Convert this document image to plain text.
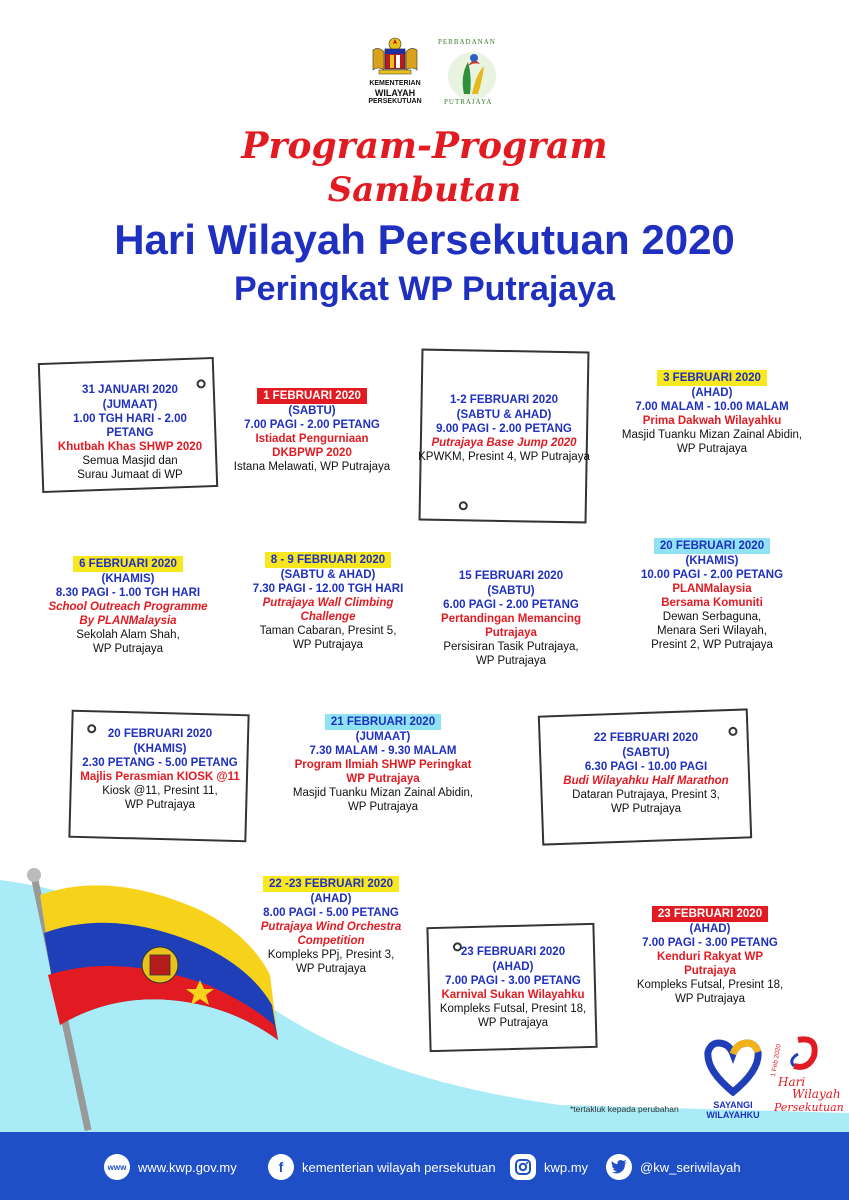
KEMENTERIAN
WILAYAH
PERSEKUTUAN
PERBADANAN
PUTRAJAYA
Program-Program
Sambutan
Hari Wilayah Persekutuan 2020
Peringkat WP Putrajaya
31 JANUARI 2020
(JUMAAT)
1.00 TGH HARI - 2.00 PETANG
Khutbah Khas SHWP 2020
Semua Masjid dan
Surau Jumaat di WP
1 FEBRUARI 2020
(SABTU)
7.00 PAGI - 2.00 PETANG
Istiadat Pengurniaan DKBPWP 2020
Istana Melawati, WP Putrajaya
1-2 FEBRUARI 2020
(SABTU & AHAD)
9.00 PAGI - 2.00 PETANG
Putrajaya Base Jump 2020
KPWKM, Presint 4, WP Putrajaya
3 FEBRUARI 2020
(AHAD)
7.00 MALAM - 10.00 MALAM
Prima Dakwah Wilayahku
Masjid Tuanku Mizan Zainal Abidin,
WP Putrajaya
6 FEBRUARI 2020
(KHAMIS)
8.30 PAGI - 1.00 TGH HARI
School Outreach Programme By PLANMalaysia
Sekolah Alam Shah,
WP Putrajaya
8 - 9 FEBRUARI 2020
(SABTU & AHAD)
7.30 PAGI - 12.00 TGH HARI
Putrajaya Wall Climbing Challenge
Taman Cabaran, Presint 5,
WP Putrajaya
15 FEBRUARI 2020
(SABTU)
6.00 PAGI - 2.00 PETANG
Pertandingan Memancing Putrajaya
Persisiran Tasik Putrajaya,
WP Putrajaya
20 FEBRUARI 2020
(KHAMIS)
10.00 PAGI - 2.00 PETANG
PLANMalaysia Bersama Komuniti
Dewan Serbaguna,
Menara Seri Wilayah,
Presint 2, WP Putrajaya
20 FEBRUARI 2020
(KHAMIS)
2.30 PETANG - 5.00 PETANG
Majlis Perasmian KIOSK @11
Kiosk @11, Presint 11,
WP Putrajaya
21 FEBRUARI 2020
(JUMAAT)
7.30 MALAM - 9.30 MALAM
Program Ilmiah SHWP Peringkat WP Putrajaya
Masjid Tuanku Mizan Zainal Abidin,
WP Putrajaya
22 FEBRUARI 2020
(SABTU)
6.30 PAGI - 10.00 PAGI
Budi Wilayahku Half Marathon
Dataran Putrajaya, Presint 3,
WP Putrajaya
22 -23 FEBRUARI 2020
(AHAD)
8.00 PAGI - 5.00 PETANG
Putrajaya Wind Orchestra Competition
Kompleks PPj, Presint 3,
WP Putrajaya
23 FEBRUARI 2020
(AHAD)
7.00 PAGI - 3.00 PETANG
Karnival Sukan Wilayahku
Kompleks Futsal, Presint 18,
WP Putrajaya
23 FEBRUARI 2020
(AHAD)
7.00 PAGI - 3.00 PETANG
Kenduri Rakyat WP Putrajaya
Kompleks Futsal, Presint 18,
WP Putrajaya
*tertakluk kepada perubahan	SAYANGI
WILAYAHKU
1 Feb 2020
Hari
Wilayah
Persekutuan
www www.kwp.gov.my	f	kementerian wilayah persekutuan	kwp.my	@kw_seriwilayah
